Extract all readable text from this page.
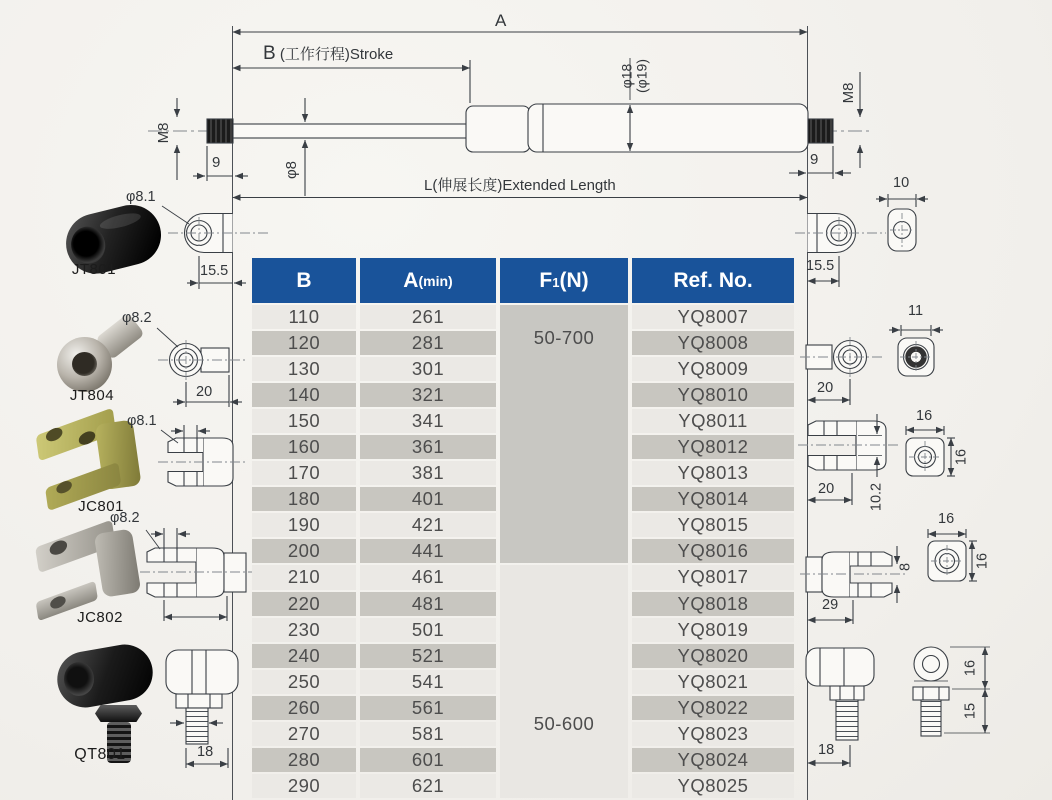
A
B (工作行程)Stroke
L(伸展长度)Extended Length
M8
M8
φ8
φ18
(φ19)
9	9
φ8.1
15.5
JT801
φ8.2
20
JT804
φ8.1
JC801
φ8.2
JC802
18
QT801
15.5
10
20
11
16
16
20 10.2
16
16
8
29
18
16
15
B	A (min)	F 1 (N)	Ref. No.
50-700
110	261	YQ8007
120	281	YQ8008
130	301	YQ8009
140	321	YQ8010
150	341	YQ8011
160	361	YQ8012
170	381	YQ8013
180	401	YQ8014
190	421	YQ8015
200	441	YQ8016
50-600
210	461	YQ8017
220	481	YQ8018
230	501	YQ8019
240	521	YQ8020
250	541	YQ8021
260	561	YQ8022
270	581	YQ8023
280	601	YQ8024
290	621	YQ8025
